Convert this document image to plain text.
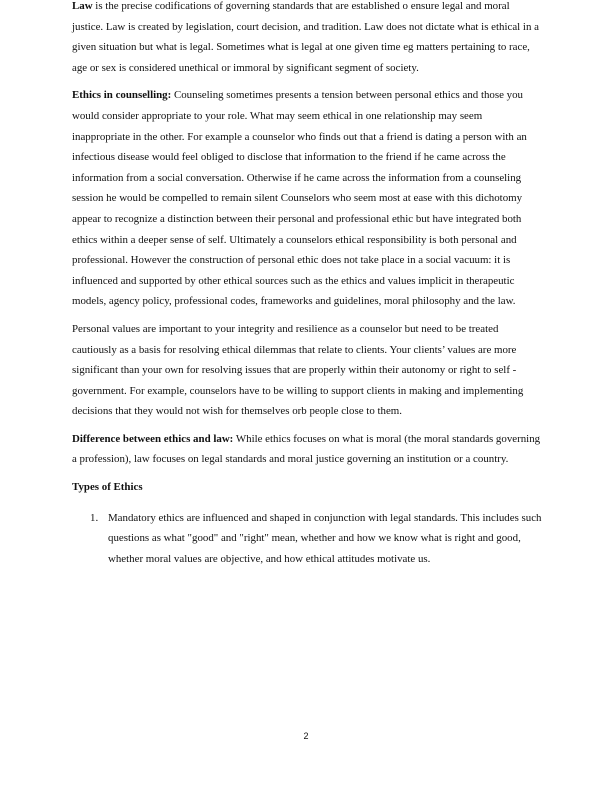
Law is the precise codifications of governing standards that are established o ensure legal and moral justice. Law is created by legislation, court decision, and tradition. Law does not dictate what is ethical in a given situation but what is legal. Sometimes what is legal at one given time eg matters pertaining to race, age or sex is considered unethical or immoral by significant segment of society.

Ethics in counselling: Counseling sometimes presents a tension between personal ethics and those you would consider appropriate to your role. What may seem ethical in one relationship may seem inappropriate in the other. For example a counselor who finds out that a friend is dating a person with an infectious disease would feel obliged to disclose that information to the friend if he came across the information from a social conversation. Otherwise if he came across the information from a counseling session he would be compelled to remain silent Counselors who seem most at ease with this dichotomy appear to recognize a distinction between their personal and professional ethic but have integrated both ethics within a deeper sense of self. Ultimately a counselors ethical responsibility is both personal and professional. However the construction of personal ethic does not take place in a social vacuum: it is influenced and supported by other ethical sources such as the ethics and values implicit in therapeutic models, agency policy, professional codes, frameworks and guidelines, moral philosophy and the law.

Personal values are important to your integrity and resilience as a counselor but need to be treated cautiously as a basis for resolving ethical dilemmas that relate to clients. Your clients’ values are more significant than your own for resolving issues that are properly within their autonomy or right to self -government. For example, counselors have to be willing to support clients in making and implementing decisions that they would not wish for themselves orb people close to them.

Difference between ethics and law: While ethics focuses on what is moral (the moral standards governing a profession), law focuses on legal standards and moral justice governing an institution or a country.

Types of Ethics
1. 1. Mandatory ethics are influenced and shaped in conjunction with legal standards. This includes such questions as what "good" and "right" mean, whether and how we know what is right and good, whether moral values are objective, and how ethical attitudes motivate us.
2
